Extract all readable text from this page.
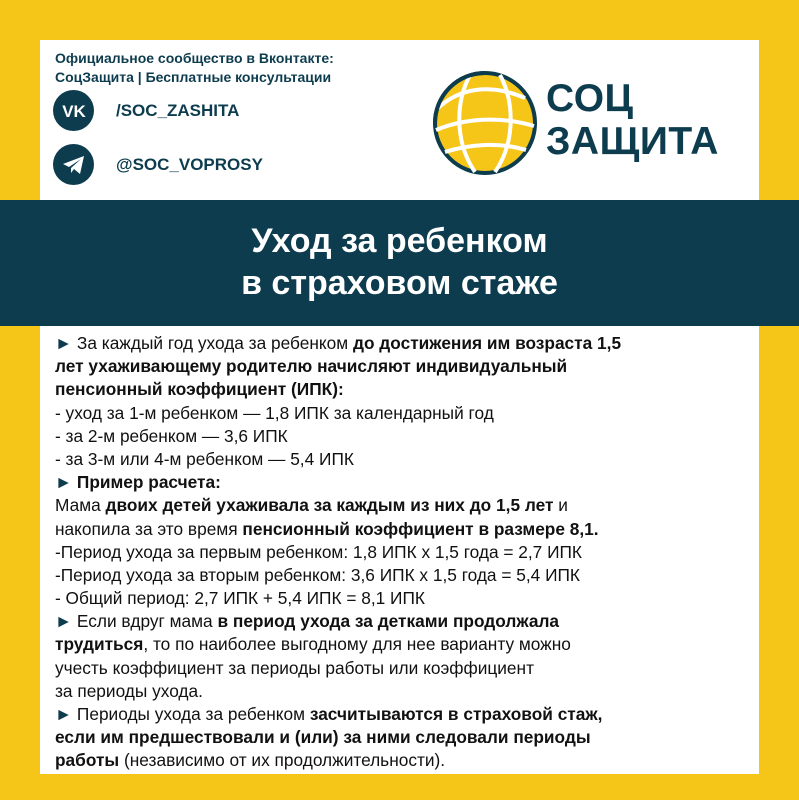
Официальное сообщество в Вконтакте:
СоцЗащита | Бесплатные консультации
VK /SOC_ZASHITA
@SOC_VOPROSY
СОЦ
ЗАЩИТА
Уход за ребенком
в страховом стаже
► За каждый год ухода за ребенком до достижения им возраста 1,5
лет ухаживающему родителю начисляют индивидуальный
пенсионный коэффициент (ИПК):
- уход за 1-м ребенком — 1,8 ИПК за календарный год
- за 2-м ребенком — 3,6 ИПК
- за 3-м или 4-м ребенком — 5,4 ИПК
► Пример расчета:
Мама двоих детей ухаживала за каждым из них до 1,5 лет и
накопила за это время пенсионный коэффициент в размере 8,1.
-Период ухода за первым ребенком: 1,8 ИПК х 1,5 года = 2,7 ИПК
-Период ухода за вторым ребенком: 3,6 ИПК х 1,5 года = 5,4 ИПК
- Общий период: 2,7 ИПК + 5,4 ИПК = 8,1 ИПК
► Если вдруг мама в период ухода за детками продолжала
трудиться, то по наиболее выгодному для нее варианту можно
учесть коэффициент за периоды работы или коэффициент
за периоды ухода.
► Периоды ухода за ребенком засчитываются в страховой стаж,
если им предшествовали и (или) за ними следовали периоды
работы (независимо от их продолжительности).
